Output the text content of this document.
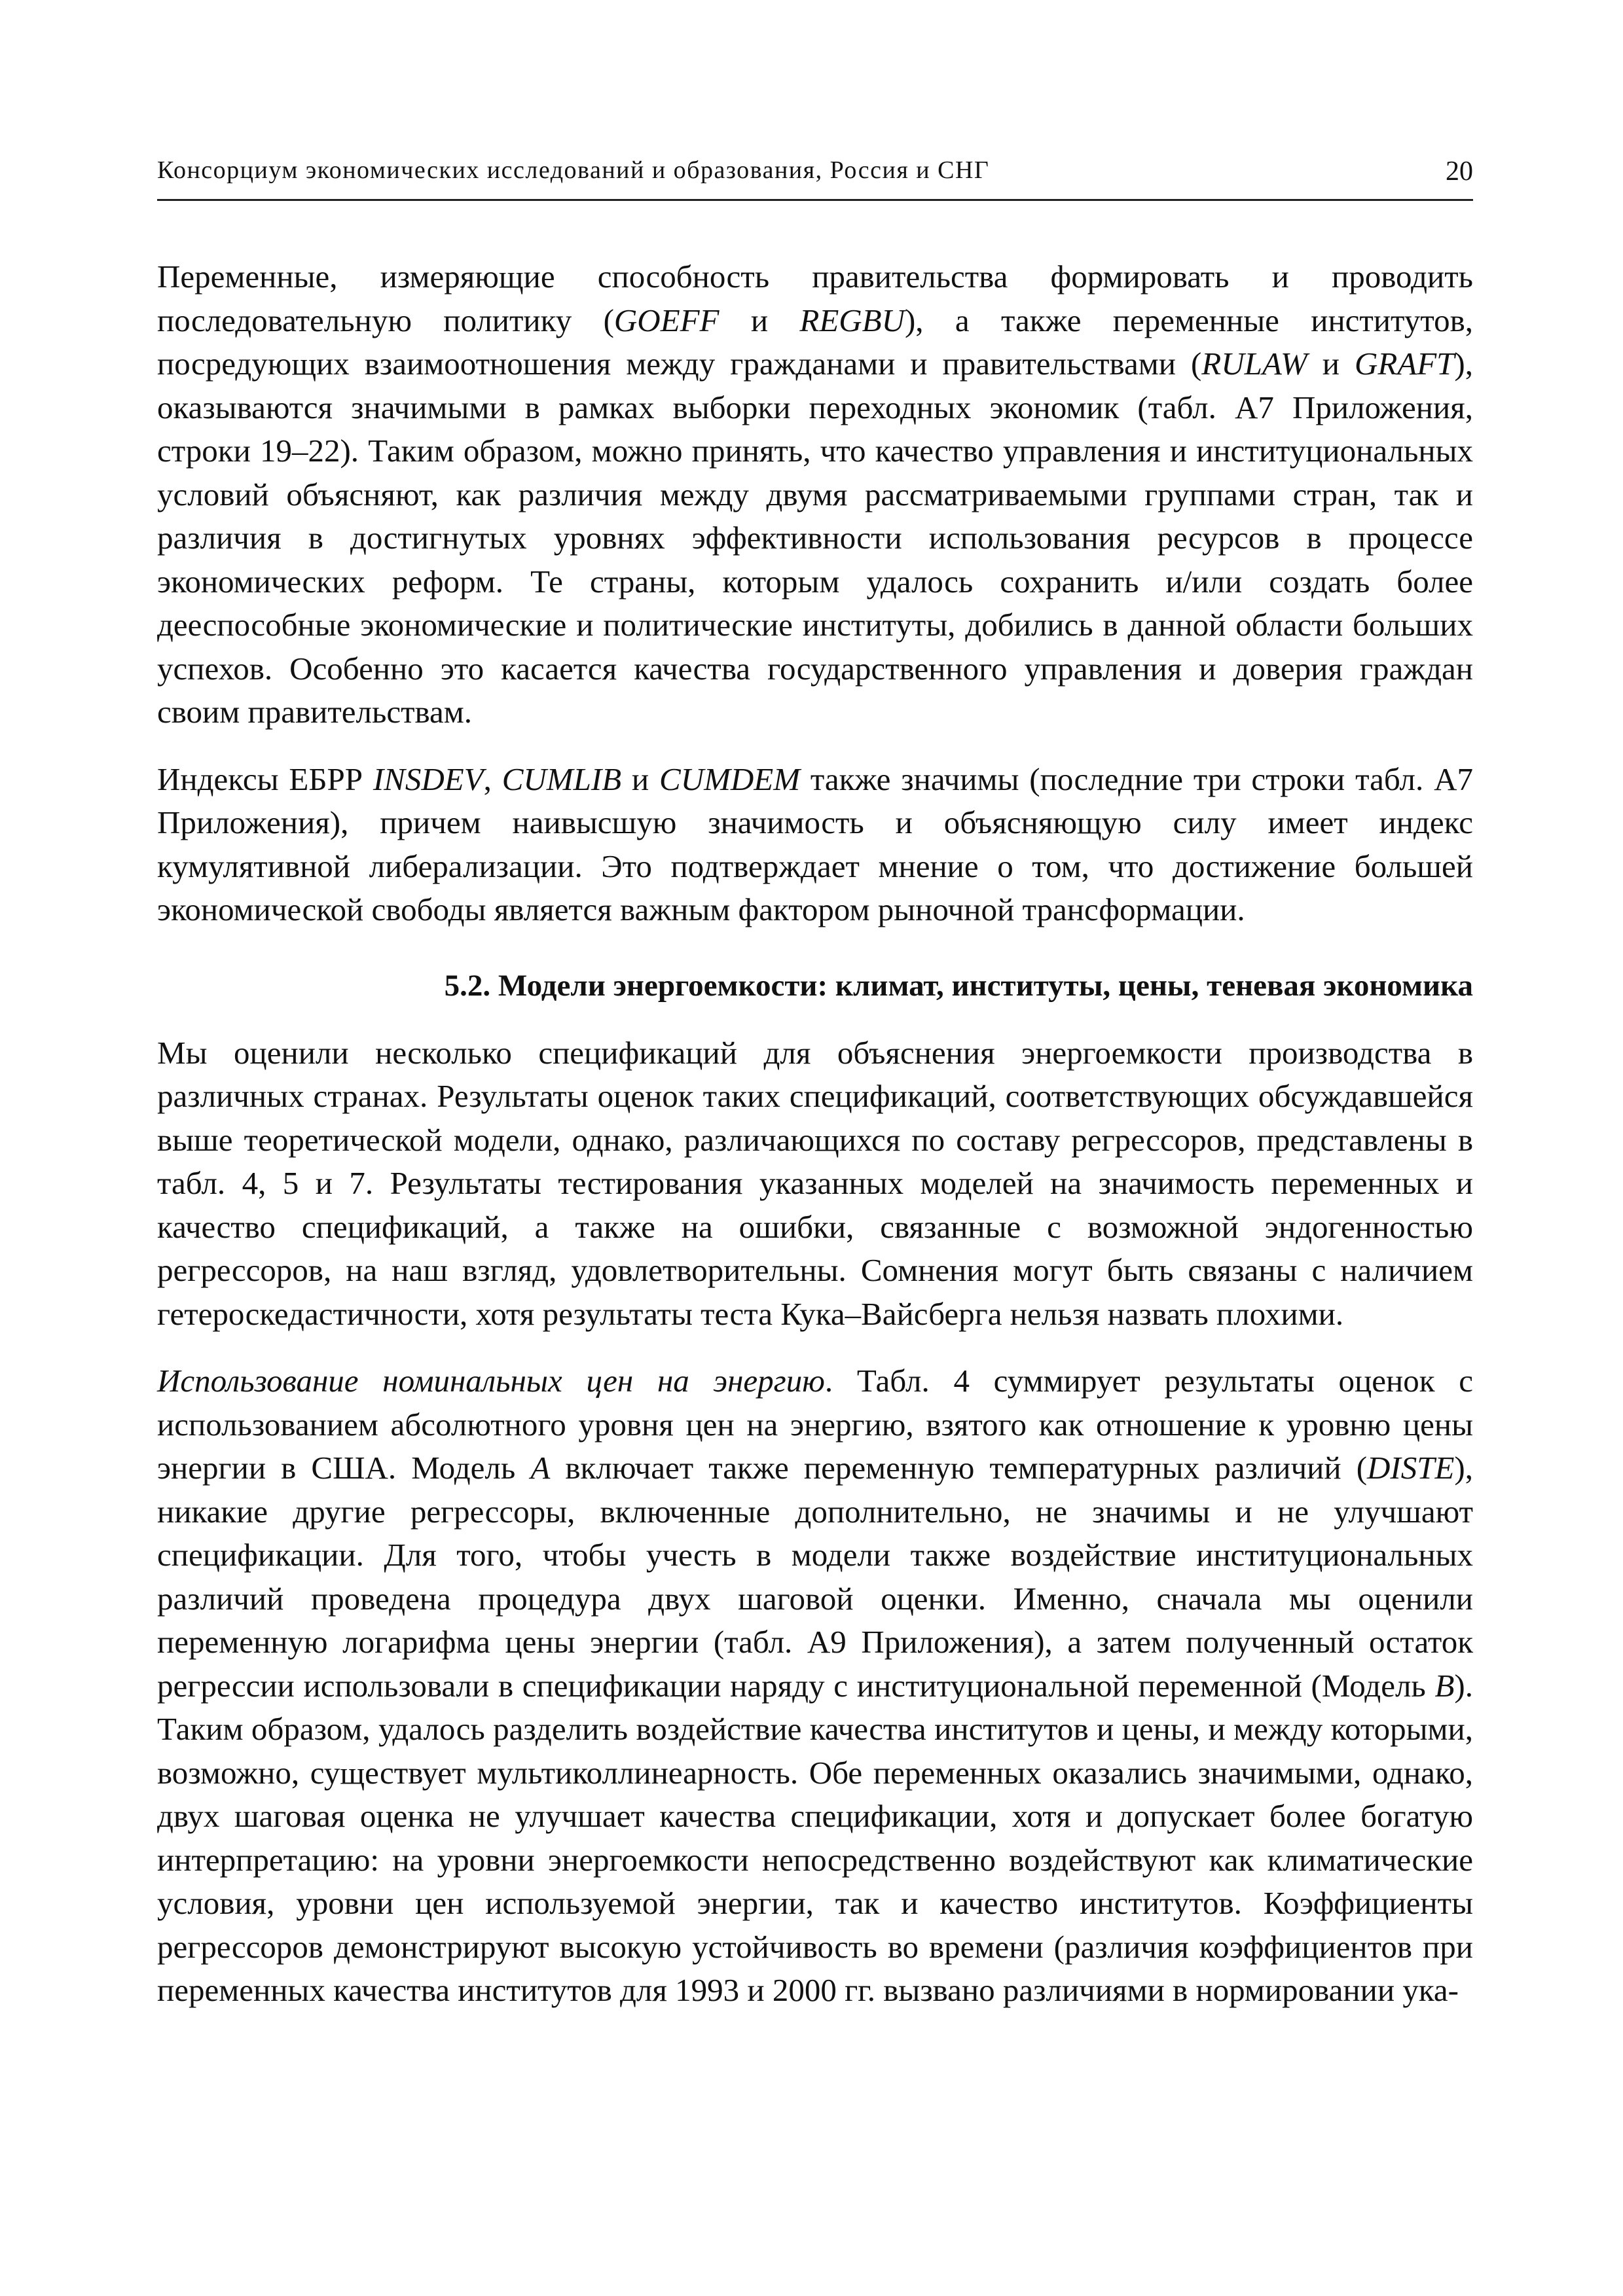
Консорциум экономических исследований и образования, Россия и СНГ	20

Переменные, измеряющие способность правительства формировать и проводить последовательную политику (GOEFF и REGBU), а также переменные институтов, посредующих взаимоотношения между гражданами и правительствами (RULAW и GRAFT), оказываются значимыми в рамках выборки переходных экономик (табл. А7 Приложения, строки 19–22). Таким образом, можно принять, что качество управления и институциональных условий объясняют, как различия между двумя рассматриваемыми группами стран, так и различия в достигнутых уровнях эффективности использования ресурсов в процессе экономических реформ. Те страны, которым удалось сохранить и/или создать более дееспособные экономические и политические институты, добились в данной области больших успехов. Особенно это касается качества государственного управления и доверия граждан своим правительствам.

Индексы ЕБРР INSDEV, CUMLIB и CUMDEM также значимы (последние три строки табл. А7 Приложения), причем наивысшую значимость и объясняющую силу имеет индекс кумулятивной либерализации. Это подтверждает мнение о том, что достижение большей экономической свободы является важным фактором рыночной трансформации.

5.2. Модели энергоемкости: климат, институты, цены, теневая экономика

Мы оценили несколько спецификаций для объяснения энергоемкости производства в различных странах. Результаты оценок таких спецификаций, соответствующих обсуждавшейся выше теоретической модели, однако, различающихся по составу регрессоров, представлены в табл. 4, 5 и 7. Результаты тестирования указанных моделей на значимость переменных и качество спецификаций, а также на ошибки, связанные с возможной эндогенностью регрессоров, на наш взгляд, удовлетворительны. Сомнения могут быть связаны с наличием гетероскедастичности, хотя результаты теста Кука–Вайсберга нельзя назвать плохими.

Использование номинальных цен на энергию. Табл. 4 суммирует результаты оценок с использованием абсолютного уровня цен на энергию, взятого как отношение к уровню цены энергии в США. Модель A включает также переменную температурных различий (DISTE), никакие другие регрессоры, включенные дополнительно, не значимы и не улучшают спецификации. Для того, чтобы учесть в модели также воздействие институциональных различий проведена процедура двух шаговой оценки. Именно, сначала мы оценили переменную логарифма цены энергии (табл. А9 Приложения), а затем полученный остаток регрессии использовали в спецификации наряду с институциональной переменной (Модель B). Таким образом, удалось разделить воздействие качества институтов и цены, и между которыми, возможно, существует мультиколлинеарность. Обе переменных оказались значимыми, однако, двух шаговая оценка не улучшает качества спецификации, хотя и допускает более богатую интерпретацию: на уровни энергоемкости непосредственно воздействуют как климатические условия, уровни цен используемой энергии, так и качество институтов. Коэффициенты регрессоров демонстрируют высокую устойчивость во времени (различия коэффициентов при переменных качества институтов для 1993 и 2000 гг. вызвано различиями в нормировании ука-
